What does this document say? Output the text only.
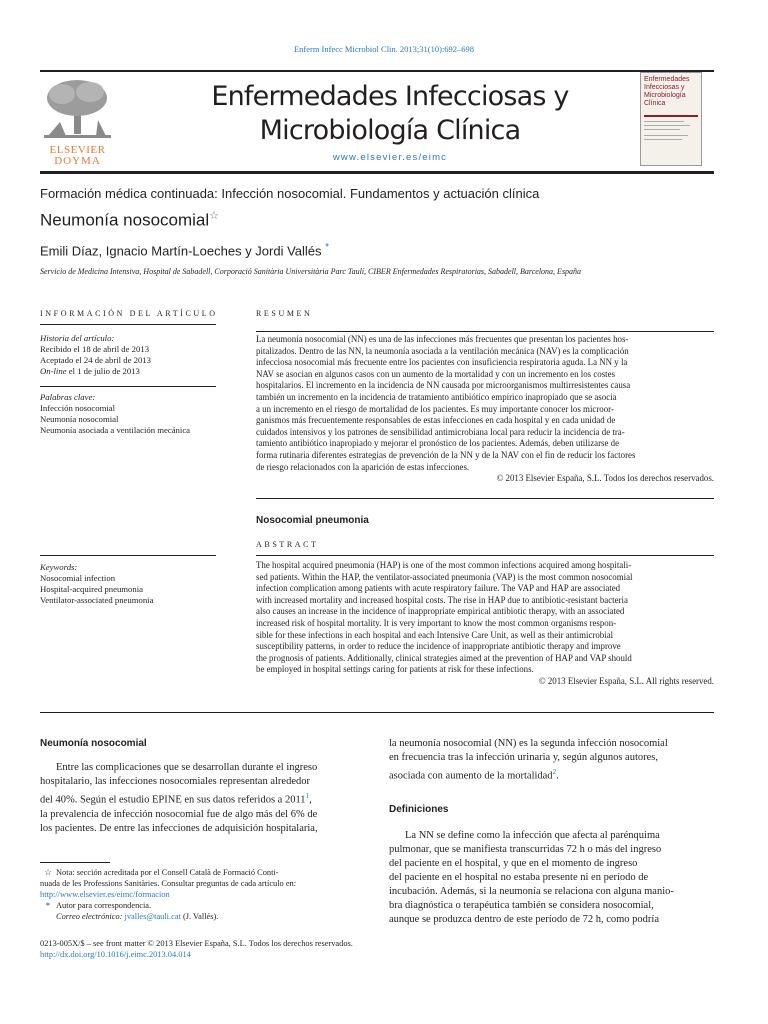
Enferm Infecc Microbiol Clin. 2013;31(10):692–698
ELSEVIER
DOYMA
Enfermedades Infecciosas y
Microbiología Clínica
www.elsevier.es/eimc
Enfermedades Infecciosas y Microbiología Clínica
Formación médica continuada: Infección nosocomial. Fundamentos y actuación clínica
Neumonía nosocomial☆
Emili Díaz, Ignacio Martín-Loeches y Jordi Vallés *
Servicio de Medicina Intensiva, Hospital de Sabadell, Corporació Sanitària Universitària Parc Taulí, CIBER Enfermedades Respiratorias, Sabadell, Barcelona, España
INFORMACIÓN DEL ARTÍCULO
Historia del artículo:
Recibido el 18 de abril de 2013
Aceptado el 24 de abril de 2013
On-line el 1 de julio de 2013
Palabras clave:
Infección nosocomial
Neumonía nosocomial
Neumonía asociada a ventilación mecánica
Keywords:
Nosocomial infection
Hospital-acquired pneumonia
Ventilator-associated pneumonia
RESUMEN
La neumonía nosocomial (NN) es una de las infecciones más frecuentes que presentan los pacientes hos-
pitalizados. Dentro de las NN, la neumonía asociada a la ventilación mecánica (NAV) es la complicación
infecciosa nosocomial más frecuente entre los pacientes con insuficiencia respiratoria aguda. La NN y la
NAV se asocian en algunos casos con un aumento de la mortalidad y con un incremento en los costes
hospitalarios. El incremento en la incidencia de NN causada por microorganismos multirresistentes causa
también un incremento en la incidencia de tratamiento antibiótico empírico inapropiado que se asocia
a un incremento en el riesgo de mortalidad de los pacientes. Es muy importante conocer los microor-
ganismos más frecuentemente responsables de estas infecciones en cada hospital y en cada unidad de
cuidados intensivos y los patrones de sensibilidad antimicrobiana local para reducir la incidencia de tra-
tamiento antibiótico inapropiado y mejorar el pronóstico de los pacientes. Además, deben utilizarse de
forma rutinaria diferentes estrategias de prevención de la NN y de la NAV con el fin de reducir los factores
de riesgo relacionados con la aparición de estas infecciones.
© 2013 Elsevier España, S.L. Todos los derechos reservados.
Nosocomial pneumonia
ABSTRACT
The hospital acquired pneumonia (HAP) is one of the most common infections acquired among hospitali-
sed patients. Within the HAP, the ventilator-associated pneumonia (VAP) is the most common nosocomial
infection complication among patients with acute respiratory failure. The VAP and HAP are associated
with increased mortality and increased hospital costs. The rise in HAP due to antibiotic-resistant bacteria
also causes an increase in the incidence of inappropriate empirical antibiotic therapy, with an associated
increased risk of hospital mortality. It is very important to know the most common organisms respon-
sible for these infections in each hospital and each Intensive Care Unit, as well as their antimicrobial
susceptibility patterns, in order to reduce the incidence of inappropriate antibiotic therapy and improve
the prognosis of patients. Additionally, clinical strategies aimed at the prevention of HAP and VAP should
be employed in hospital settings caring for patients at risk for these infections.
© 2013 Elsevier España, S.L. All rights reserved.
Neumonía nosocomial
Entre las complicaciones que se desarrollan durante el ingreso
hospitalario, las infecciones nosocomiales representan alrededor
del 40%. Según el estudio EPINE en sus datos referidos a 2011$^1$,
la prevalencia de infección nosocomial fue de algo más del 6% de
los pacientes. De entre las infecciones de adquisición hospitalaria,
la neumonía nosocomial (NN) es la segunda infección nosocomial
en frecuencia tras la infección urinaria y, según algunos autores,
asociada con aumento de la mortalidad$^2$.
Definiciones
La NN se define como la infección que afecta al parénquima
pulmonar, que se manifiesta transcurridas 72 h o más del ingreso
del paciente en el hospital, y que en el momento de ingreso
del paciente en el hospital no estaba presente ni en período de
incubación. Además, si la neumonía se relaciona con alguna manio-
bra diagnóstica o terapéutica también se considera nosocomial,
aunque se produzca dentro de este período de 72 h, como podría
☆ Nota: sección acreditada por el Consell Català de Formació Conti-
nuada de les Professions Sanitàries. Consultar preguntas de cada artículo en:
http://www.elsevier.es/eimc/formacion
* Autor para correspondencia.
Correo electrónico: jvalles@tauli.cat (J. Vallés).
0213-005X/$ – see front matter © 2013 Elsevier España, S.L. Todos los derechos reservados.
http://dx.doi.org/10.1016/j.eimc.2013.04.014
